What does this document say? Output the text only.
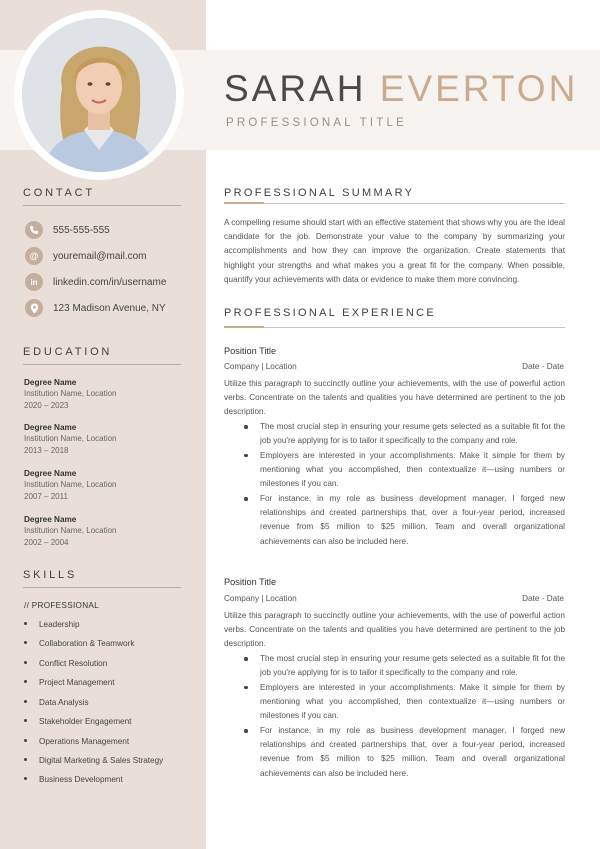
SARAH EVERTON
PROFESSIONAL TITLE
CONTACT
555-555-555
@	youremail@mail.com
in	linkedin.com/in/username
123 Madison Avenue, NY
EDUCATION
Degree Name
Institution Name, Location
2020 – 2023
Degree Name
Institution Name, Location
2013 – 2018
Degree Name
Institution Name, Location
2007 – 2011
Degree Name
Institution Name, Location
2002 – 2004
SKILLS
// PROFESSIONAL
Leadership
Collaboration & Teamwork
Conflict Resolution
Project Management
Data Analysis
Stakeholder Engagement
Operations Management
Digital Marketing & Sales Strategy
Business Development
PROFESSIONAL SUMMARY
A compelling resume should start with an effective statement that shows why you are the ideal candidate for the job. Demonstrate your value to the company by summarizing your accomplishments and how they can improve the organization. Create statements that highlight your strengths and what makes you a great fit for the company. When possible, quantify your achievements with data or evidence to make them more convincing.
PROFESSIONAL EXPERIENCE
Position Title
Company | Location	Date - Date
Utilize this paragraph to succinctly outline your achievements, with the use of powerful action verbs. Concentrate on the talents and qualities you have determined are pertinent to the job description.
The most crucial step in ensuring your resume gets selected as a suitable fit for the job you're applying for is to tailor it specifically to the company and role.
Employers are interested in your accomplishments. Make it simple for them by mentioning what you accomplished, then contextualize it—using numbers or milestones if you can.
For instance, in my role as business development manager, I forged new relationships and created partnerships that, over a four-year period, increased revenue from $5 million to $25 million. Team and overall organizational achievements can also be included here.
Position Title
Company | Location	Date - Date
Utilize this paragraph to succinctly outline your achievements, with the use of powerful action verbs. Concentrate on the talents and qualities you have determined are pertinent to the job description.
The most crucial step in ensuring your resume gets selected as a suitable fit for the job you're applying for is to tailor it specifically to the company and role.
Employers are interested in your accomplishments. Make it simple for them by mentioning what you accomplished, then contextualize it—using numbers or milestones if you can.
For instance, in my role as business development manager, I forged new relationships and created partnerships that, over a four-year period, increased revenue from $5 million to $25 million. Team and overall organizational achievements can also be included here.
